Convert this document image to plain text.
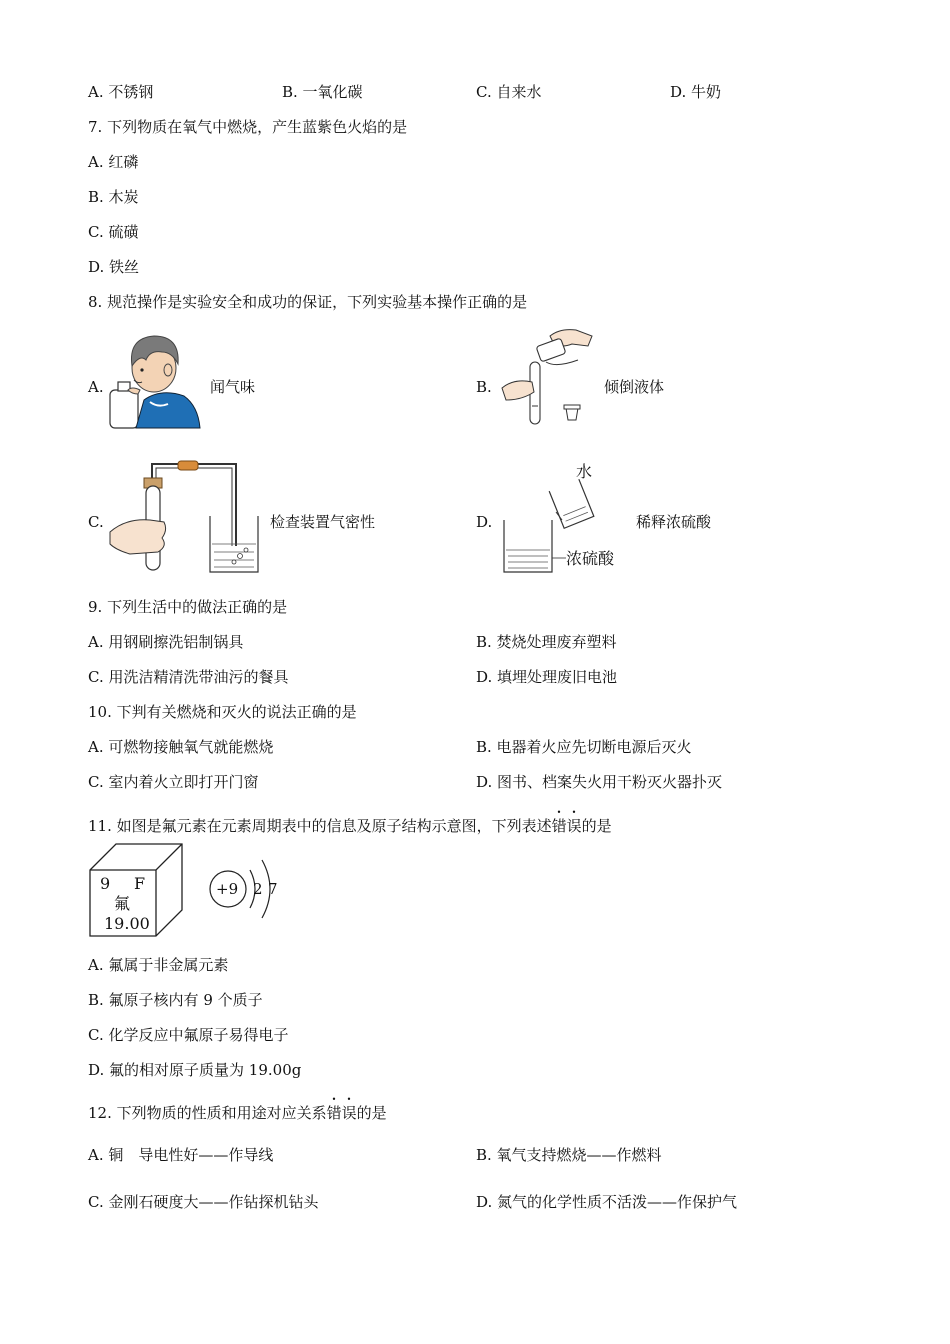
A. 不锈钢	B. 一氧化碳	C. 自来水	D. 牛奶
7. 下列物质在氧气中燃烧，产生蓝紫色火焰的是
A. 红磷
B. 木炭
C. 硫磺
D. 铁丝
8. 规范操作是实验安全和成功的保证，下列实验基本操作正确的是
A.	闻气味	B.	倾倒液体
C.	检查装置气密性	D.
水
浓硫酸
稀释浓硫酸
9. 下列生活中的做法正确的是
A. 用钢刷擦洗铝制锅具	B. 焚烧处理废弃塑料
C. 用洗洁精清洗带油污的餐具	D. 填埋处理废旧电池
10. 下判有关燃烧和灭火的说法正确的是
A. 可燃物接触氧气就能燃烧	B. 电器着火应先切断电源后灭火
C. 室内着火立即打开门窗	D. 图书、档案失火用干粉灭火器扑灭
11. 如图是氟元素在元素周期表中的信息及原子结构示意图，下列表述错误的是
9 F
氟
19.00
+9 2 7
A. 氟属于非金属元素
B. 氟原子核内有 9 个质子
C. 化学反应中氟原子易得电子
D. 氟的相对原子质量为 19.00g
12. 下列物质的性质和用途对应关系错误的是
A. 铜　导电性好——作导线	B. 氧气支持燃烧——作燃料
C. 金刚石硬度大——作钻探机钻头	D. 氮气的化学性质不活泼——作保护气
